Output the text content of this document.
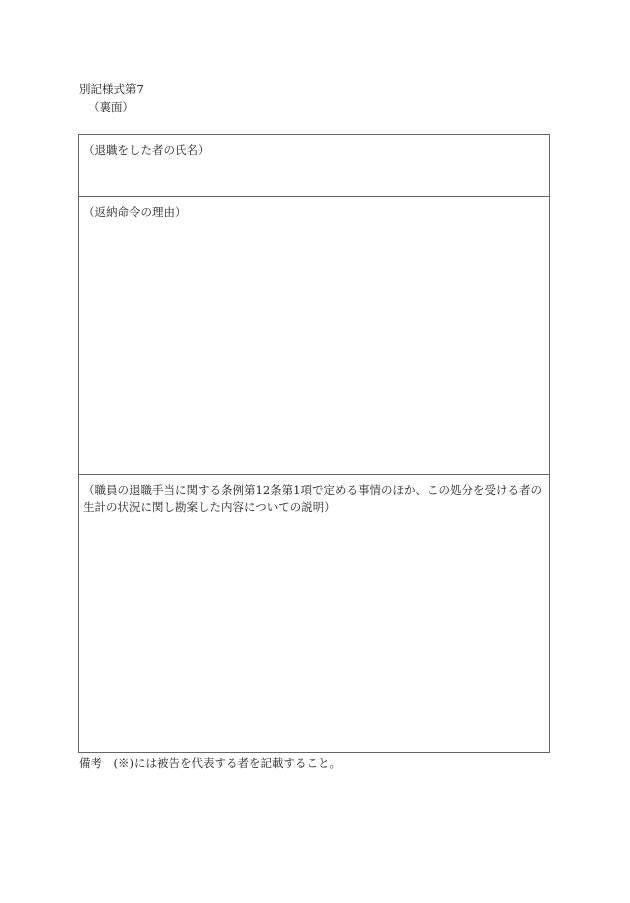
別記様式第7
（裏面）
（退職をした者の氏名）
（返納命令の理由）
（職員の退職手当に関する条例第12条第1項で定める事情のほか、この処分を受ける者の
生計の状況に関し勘案した内容についての説明）
備考　(※)には被告を代表する者を記載すること。
